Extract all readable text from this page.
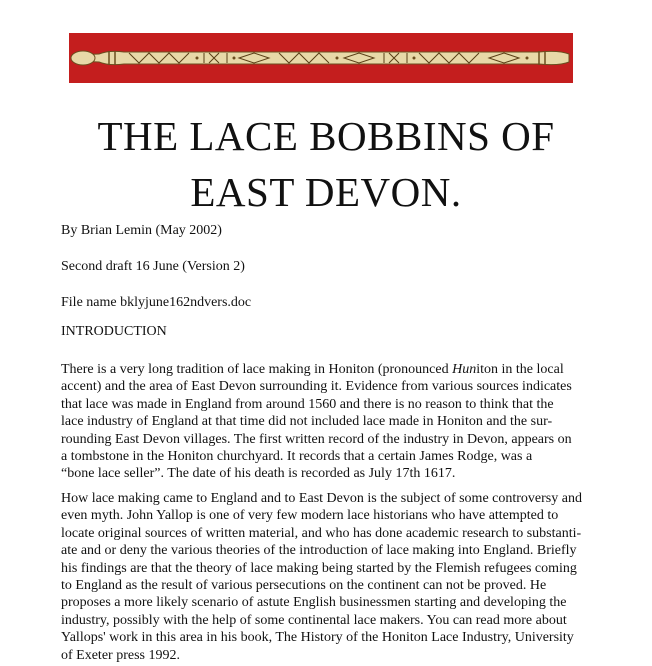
THE LACE BOBBINS OF
EAST DEVON.
By Brian Lemin (May 2002)
Second draft 16 June (Version 2)
File name bklyjune162ndvers.doc
INTRODUCTION
There is a very long tradition of lace making in Honiton (pronounced Huniton in the local
accent) and the area of East Devon surrounding it. Evidence from various sources indicates
that lace was made in England from around 1560 and there is no reason to think that the
lace industry of England at that time did not included lace made in Honiton and the sur-
rounding East Devon villages. The first written record of the industry in Devon, appears on
a tombstone in the Honiton churchyard. It records that a certain James Rodge, was a
“bone lace seller”. The date of his death is recorded as July 17th 1617.
How lace making came to England and to East Devon is the subject of some controversy and
even myth. John Yallop is one of very few modern lace historians who have attempted to
locate original sources of written material, and who has done academic research to substanti-
ate and or deny the various theories of the introduction of lace making into England. Briefly
his findings are that the theory of lace making being started by the Flemish refugees coming
to England as the result of various persecutions on the continent can not be proved. He
proposes a more likely scenario of astute English businessmen starting and developing the
industry, possibly with the help of some continental lace makers. You can read more about
Yallops' work in this area in his book, The History of the Honiton Lace Industry, University
of Exeter press 1992.
